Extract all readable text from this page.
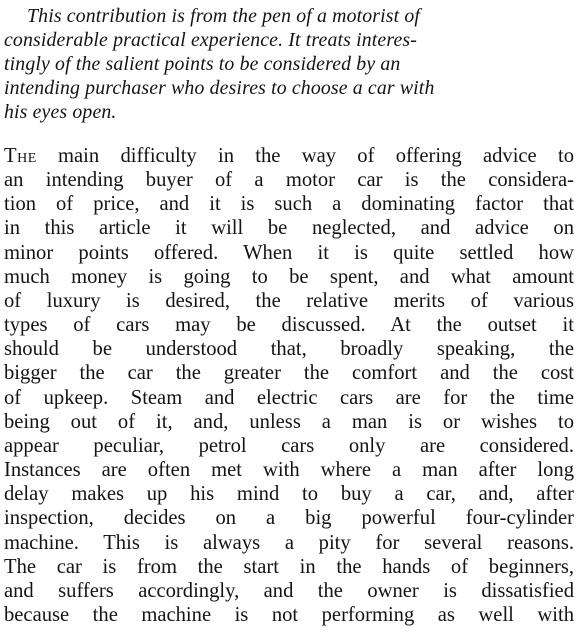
This contribution is from the pen of a motorist of
considerable practical experience. It treats interes-
tingly of the salient points to be considered by an
intending purchaser who desires to choose a car with
his eyes open.
The main difficulty in the way of offering advice to
an intending buyer of a motor car is the considera-
tion of price, and it is such a dominating factor that
in this article it will be neglected, and advice on
minor points offered. When it is quite settled how
much money is going to be spent, and what amount
of luxury is desired, the relative merits of various
types of cars may be discussed. At the outset it
should be understood that, broadly speaking, the
bigger the car the greater the comfort and the cost
of upkeep. Steam and electric cars are for the time
being out of it, and, unless a man is or wishes to
appear peculiar, petrol cars only are considered.
Instances are often met with where a man after long
delay makes up his mind to buy a car, and, after
inspection, decides on a big powerful four-cylinder
machine. This is always a pity for several reasons.
The car is from the start in the hands of beginners,
and suffers accordingly, and the owner is dissatisfied
because the machine is not performing as well with
